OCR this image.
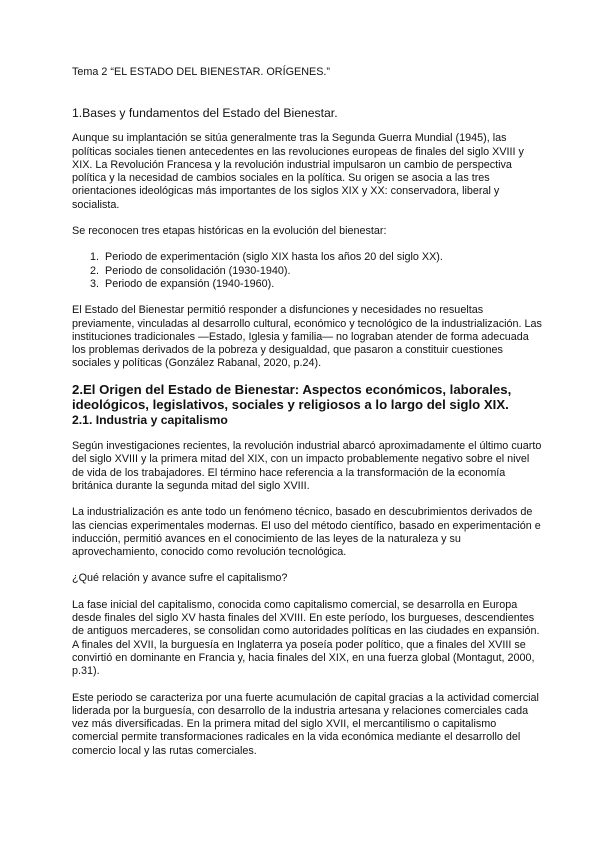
Tema 2 “EL ESTADO DEL BIENESTAR. ORÍGENES.”

1.Bases y fundamentos del Estado del Bienestar.

Aunque su implantación se sitúa generalmente tras la Segunda Guerra Mundial (1945), las políticas sociales tienen antecedentes en las revoluciones europeas de finales del siglo XVIII y XIX. La Revolución Francesa y la revolución industrial impulsaron un cambio de perspectiva política y la necesidad de cambios sociales en la política. Su origen se asocia a las tres orientaciones ideológicas más importantes de los siglos XIX y XX: conservadora, liberal y socialista.

Se reconocen tres etapas históricas en la evolución del bienestar:

1. Periodo de experimentación (siglo XIX hasta los años 20 del siglo XX).
2. Periodo de consolidación (1930-1940).
3. Periodo de expansión (1940-1960).

El Estado del Bienestar permitió responder a disfunciones y necesidades no resueltas previamente, vinculadas al desarrollo cultural, económico y tecnológico de la industrialización. Las instituciones tradicionales —Estado, Iglesia y familia— no lograban atender de forma adecuada los problemas derivados de la pobreza y desigualdad, que pasaron a constituir cuestiones sociales y políticas (González Rabanal, 2020, p.24).

2.El Origen del Estado de Bienestar: Aspectos económicos, laborales, ideológicos, legislativos, sociales y religiosos a lo largo del siglo XIX.

2.1. Industria y capitalismo

Según investigaciones recientes, la revolución industrial abarcó aproximadamente el último cuarto del siglo XVIII y la primera mitad del XIX, con un impacto probablemente negativo sobre el nivel de vida de los trabajadores. El término hace referencia a la transformación de la economía británica durante la segunda mitad del siglo XVIII.

La industrialización es ante todo un fenómeno técnico, basado en descubrimientos derivados de las ciencias experimentales modernas. El uso del método científico, basado en experimentación e inducción, permitió avances en el conocimiento de las leyes de la naturaleza y su aprovechamiento, conocido como revolución tecnológica.

¿Qué relación y avance sufre el capitalismo?

La fase inicial del capitalismo, conocida como capitalismo comercial, se desarrolla en Europa desde finales del siglo XV hasta finales del XVIII. En este período, los burgueses, descendientes de antiguos mercaderes, se consolidan como autoridades políticas en las ciudades en expansión. A finales del XVII, la burguesía en Inglaterra ya poseía poder político, que a finales del XVIII se convirtió en dominante en Francia y, hacia finales del XIX, en una fuerza global (Montagut, 2000, p.31).

Este periodo se caracteriza por una fuerte acumulación de capital gracias a la actividad comercial liderada por la burguesía, con desarrollo de la industria artesana y relaciones comerciales cada vez más diversificadas. En la primera mitad del siglo XVII, el mercantilismo o capitalismo comercial permite transformaciones radicales en la vida económica mediante el desarrollo del comercio local y las rutas comerciales.
